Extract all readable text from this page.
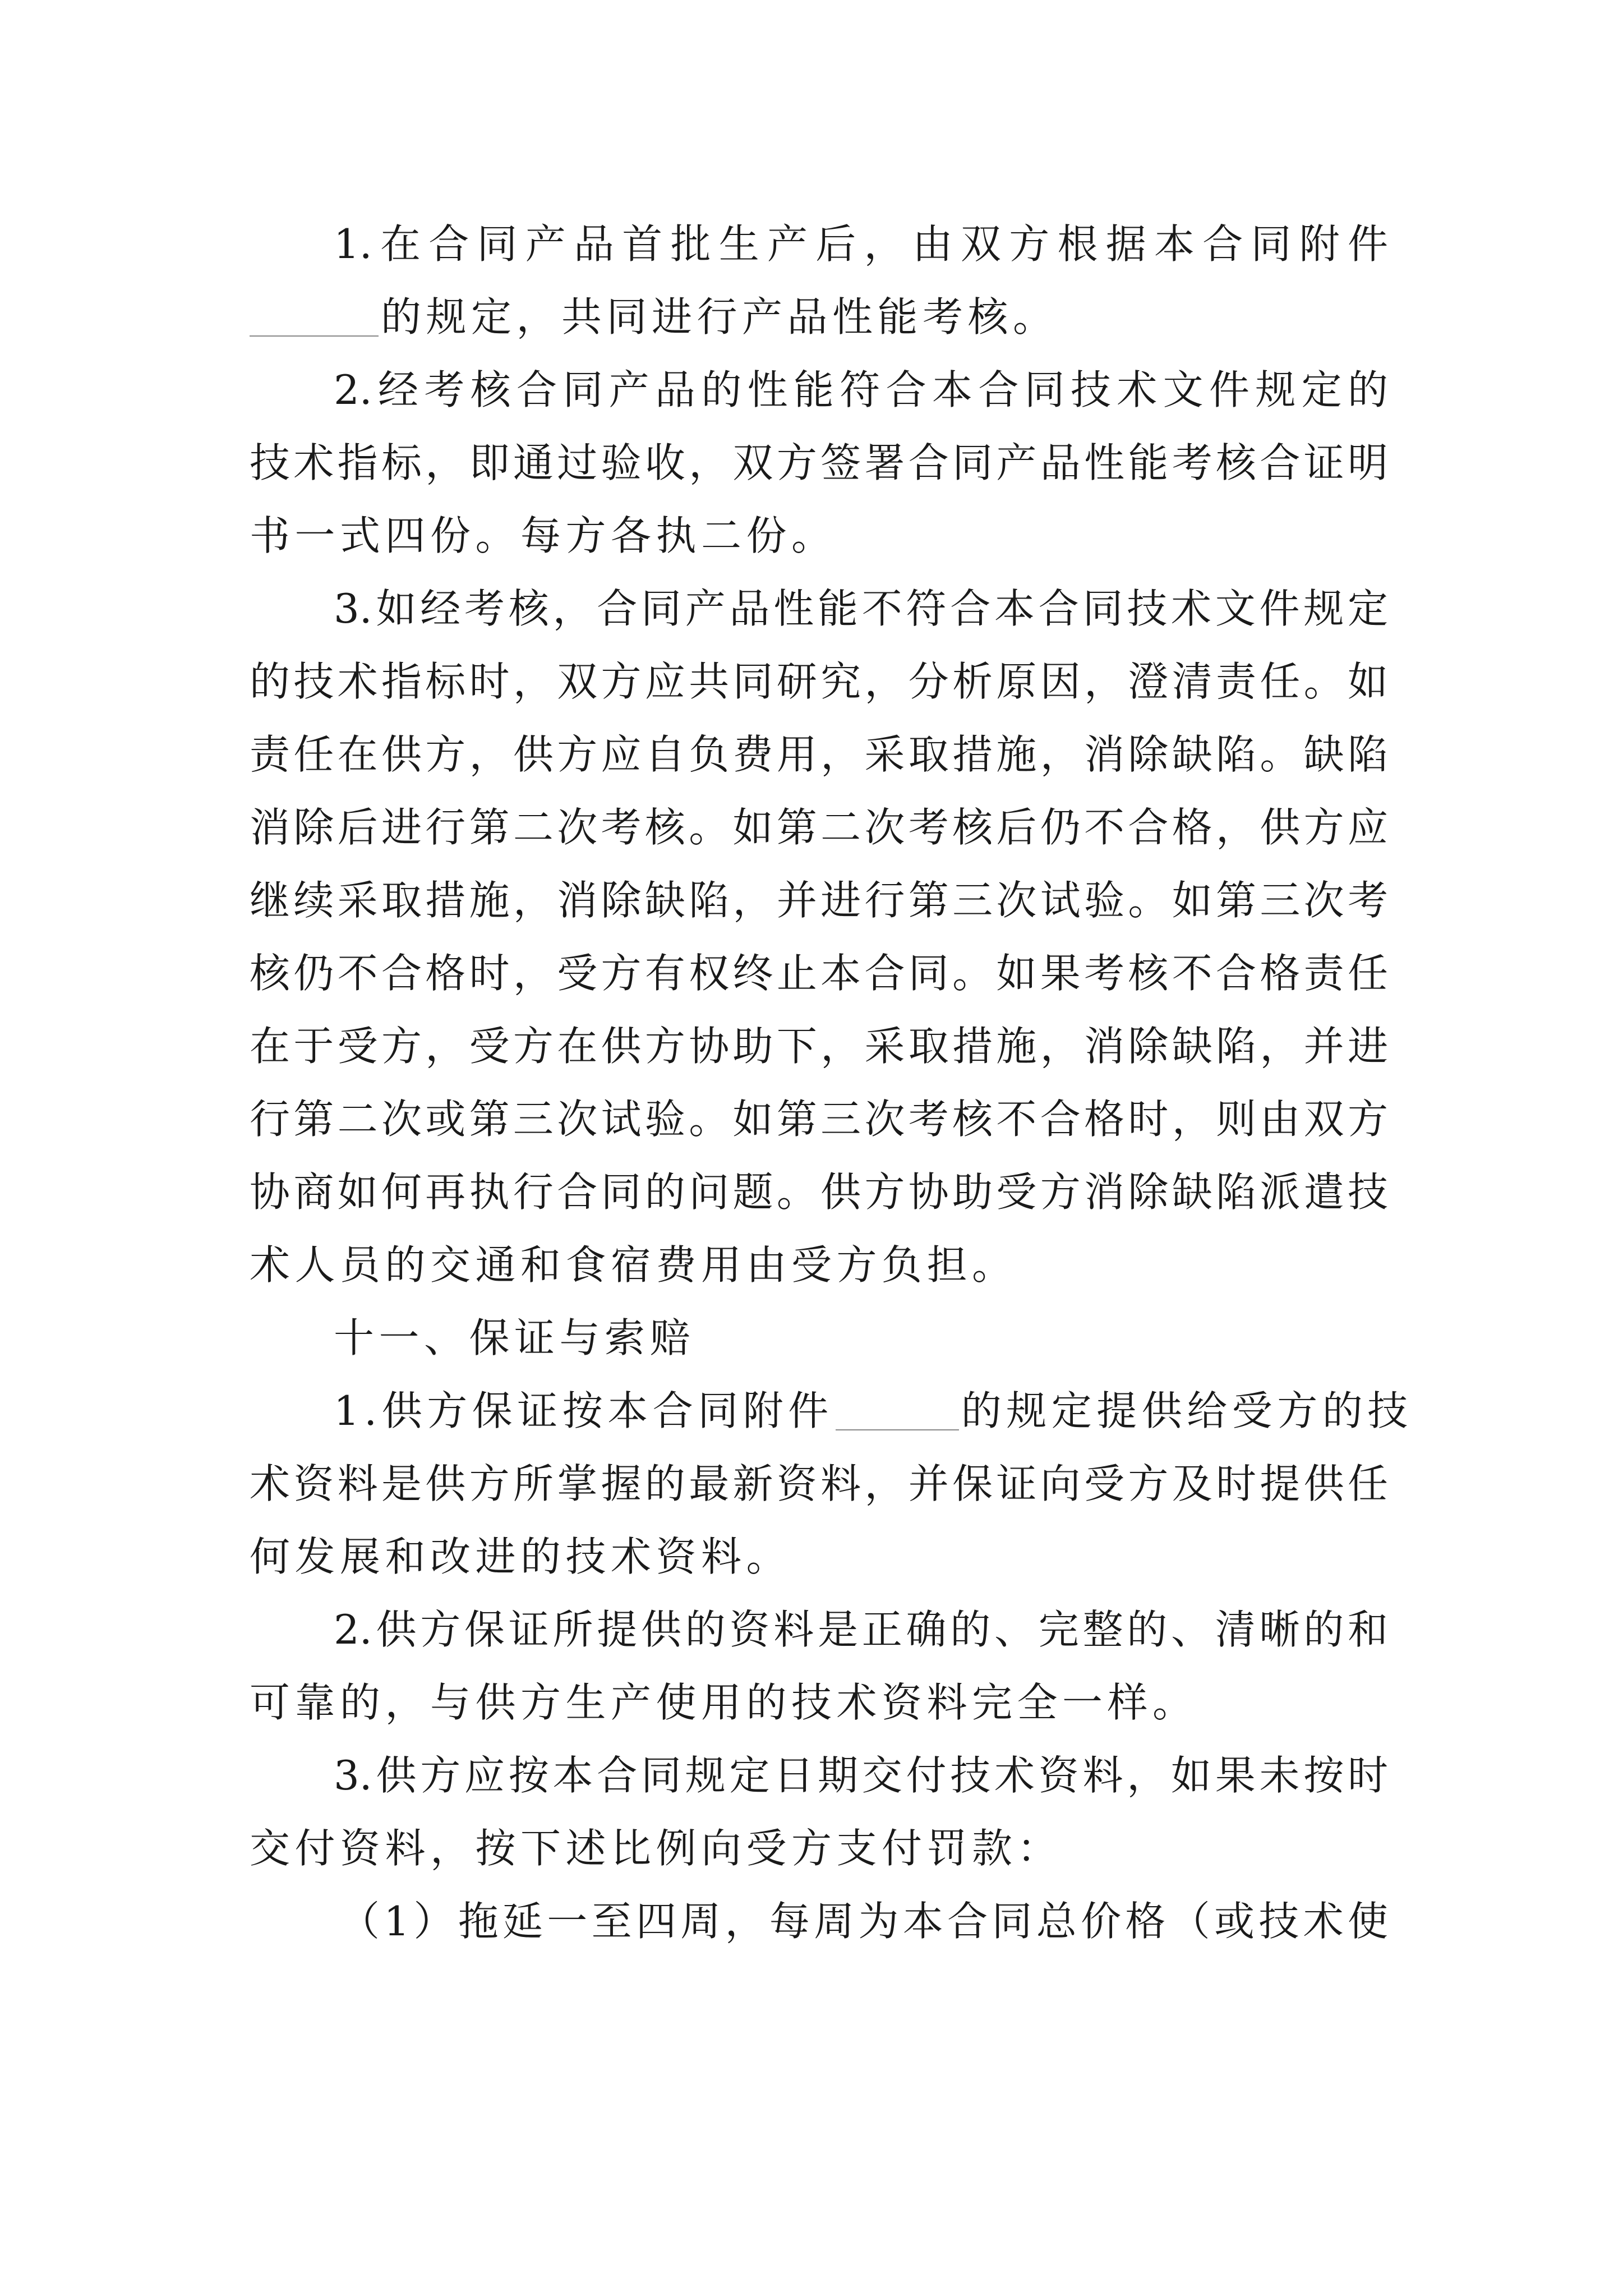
1.在合同产品首批生产后，由双方根据本合同附件
的规定，共同进行产品性能考核。
2.经考核合同产品的性能符合本合同技术文件规定的
技术指标，即通过验收，双方签署合同产品性能考核合证明
书一式四份。每方各执二份。
3.如经考核，合同产品性能不符合本合同技术文件规定
的技术指标时，双方应共同研究，分析原因，澄清责任。如
责任在供方，供方应自负费用，采取措施，消除缺陷。缺陷
消除后进行第二次考核。如第二次考核后仍不合格，供方应
继续采取措施，消除缺陷，并进行第三次试验。如第三次考
核仍不合格时，受方有权终止本合同。如果考核不合格责任
在于受方，受方在供方协助下，采取措施，消除缺陷，并进
行第二次或第三次试验。如第三次考核不合格时，则由双方
协商如何再执行合同的问题。供方协助受方消除缺陷派遣技
术人员的交通和食宿费用由受方负担。
十一、保证与索赔
1.供方保证按本合同附件	的规定提供给受方的技
术资料是供方所掌握的最新资料，并保证向受方及时提供任
何发展和改进的技术资料。
2.供方保证所提供的资料是正确的、完整的、清晰的和
可靠的，与供方生产使用的技术资料完全一样。
3.供方应按本合同规定日期交付技术资料，如果未按时
交付资料，按下述比例向受方支付罚款：
（1）拖延一至四周，每周为本合同总价格（或技术使
